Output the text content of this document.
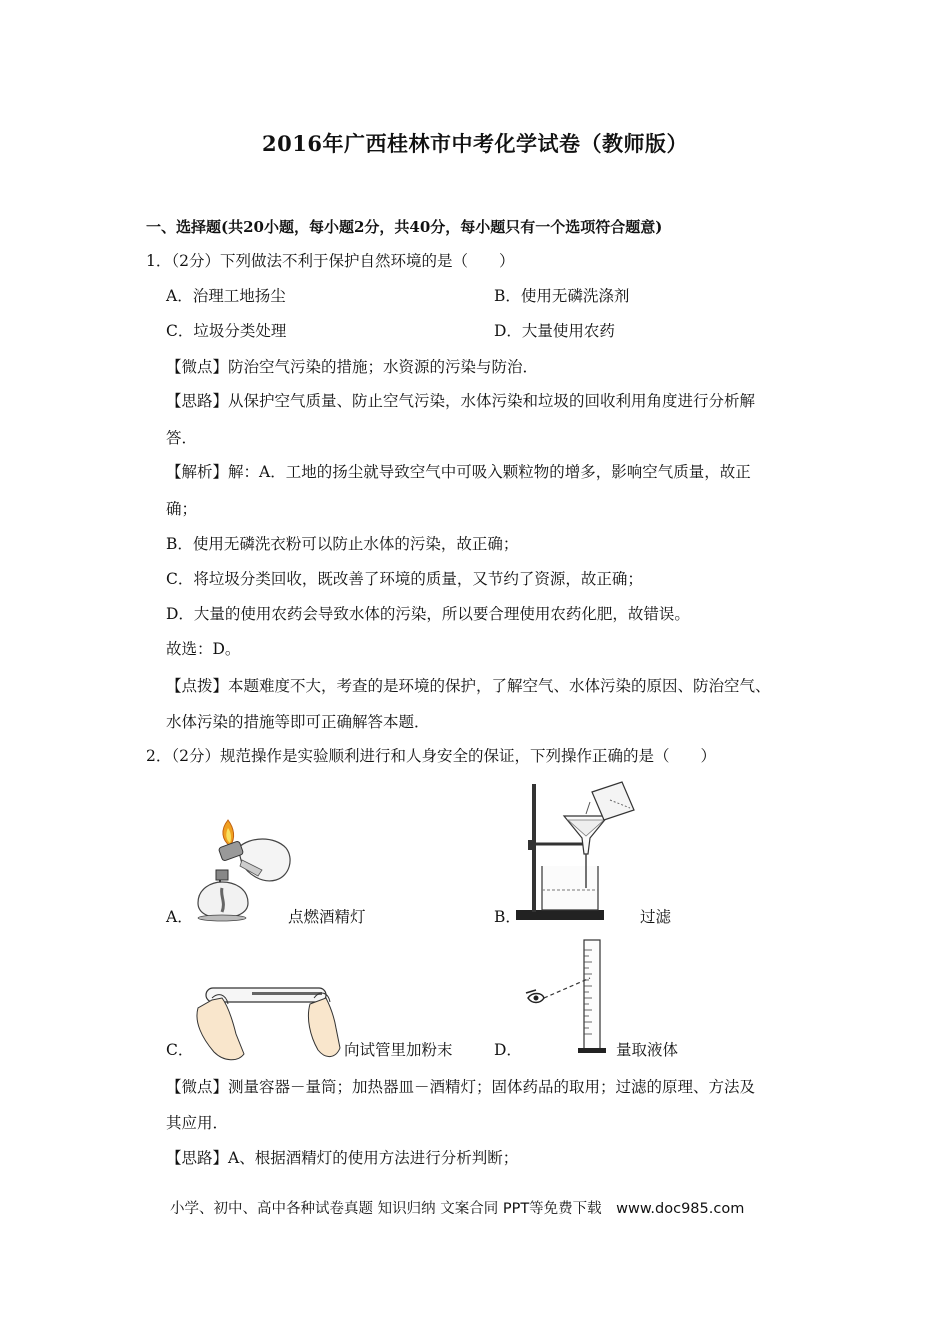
2016年广西桂林市中考化学试卷（教师版）
一、选择题(共20小题，每小题2分，共40分，每小题只有一个选项符合题意)
1．（2分）下列做法不利于保护自然环境的是（　　）
A．治理工地扬尘	B．使用无磷洗涤剂
C．垃圾分类处理	D．大量使用农药
【微点】防治空气污染的措施；水资源的污染与防治．
【思路】从保护空气质量、防止空气污染，水体污染和垃圾的回收利用角度进行分析解
答．
【解析】解：A．工地的扬尘就导致空气中可吸入颗粒物的增多，影响空气质量，故正
确；
B．使用无磷洗衣粉可以防止水体的污染，故正确；
C．将垃圾分类回收，既改善了环境的质量，又节约了资源，故正确；
D．大量的使用农药会导致水体的污染，所以要合理使用农药化肥，故错误。
故选：D。
【点拨】本题难度不大，考查的是环境的保护，了解空气、水体污染的原因、防治空气、
水体污染的措施等即可正确解答本题．
2．（2分）规范操作是实验顺利进行和人身安全的保证，下列操作正确的是（　　）
A．	点燃酒精灯	B．	过滤
C．	向试管里加粉末	D．	量取液体
【微点】测量容器－量筒；加热器皿－酒精灯；固体药品的取用；过滤的原理、方法及
其应用．
【思路】A、根据酒精灯的使用方法进行分析判断；
小学、初中、高中各种试卷真题 知识归纳 文案合同 PPT等免费下载　www.doc985.com
